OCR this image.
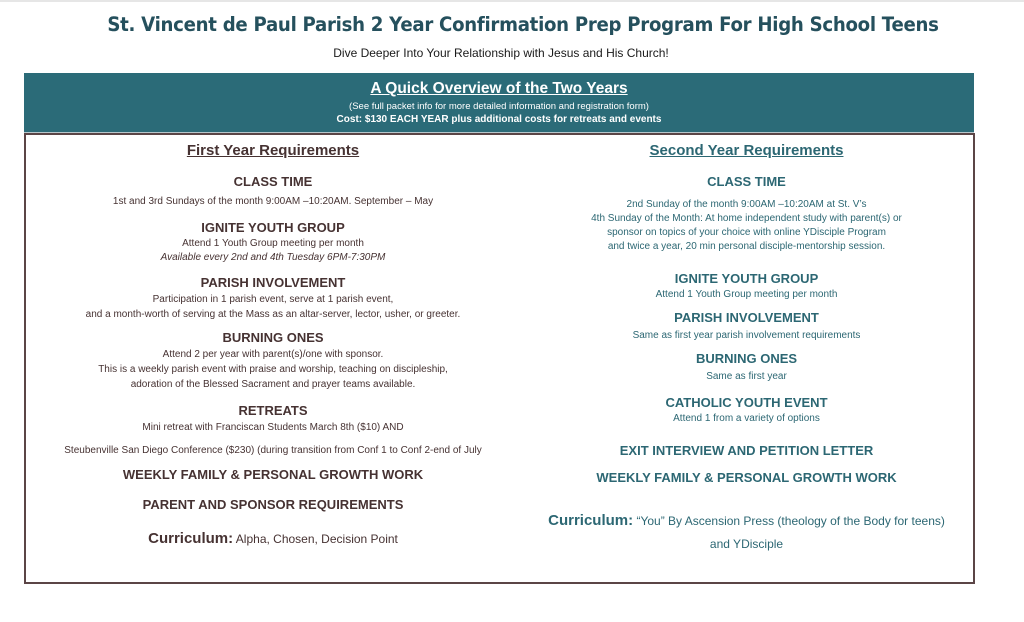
St. Vincent de Paul Parish 2 Year Confirmation Prep Program For High School Teens
Dive Deeper Into Your Relationship with Jesus and His Church!
A Quick Overview of the Two Years
(See full packet info for more detailed information and registration form)
Cost: $130 EACH YEAR plus additional costs for retreats and events
First Year Requirements
CLASS TIME
1st and 3rd Sundays of the month 9:00AM –10:20AM. September – May
IGNITE YOUTH GROUP
Attend 1 Youth Group meeting per month
Available every 2nd and 4th Tuesday 6PM-7:30PM
PARISH INVOLVEMENT
Participation in 1 parish event, serve at 1 parish event,
and a month-worth of serving at the Mass as an altar-server, lector, usher, or greeter.
BURNING ONES
Attend 2 per year with parent(s)/one with sponsor.
This is a weekly parish event with praise and worship, teaching on discipleship,
adoration of the Blessed Sacrament and prayer teams available.
RETREATS
Mini retreat with Franciscan Students March 8th ($10) AND
Steubenville San Diego Conference ($230) (during transition from Conf 1 to Conf 2-end of July
WEEKLY FAMILY & PERSONAL GROWTH WORK
PARENT AND SPONSOR REQUIREMENTS
Curriculum: Alpha, Chosen, Decision Point
Second Year Requirements
CLASS TIME
2nd Sunday of the month 9:00AM –10:20AM at St. V’s
4th Sunday of the Month: At home independent study with parent(s) or
sponsor on topics of your choice with online YDisciple Program
and twice a year, 20 min personal disciple-mentorship session.
IGNITE YOUTH GROUP
Attend 1 Youth Group meeting per month
PARISH INVOLVEMENT
Same as first year parish involvement requirements
BURNING ONES
Same as first year
CATHOLIC YOUTH EVENT
Attend 1 from a variety of options
EXIT INTERVIEW AND PETITION LETTER
WEEKLY FAMILY & PERSONAL GROWTH WORK
Curriculum: “You” By Ascension Press (theology of the Body for teens)
and YDisciple
